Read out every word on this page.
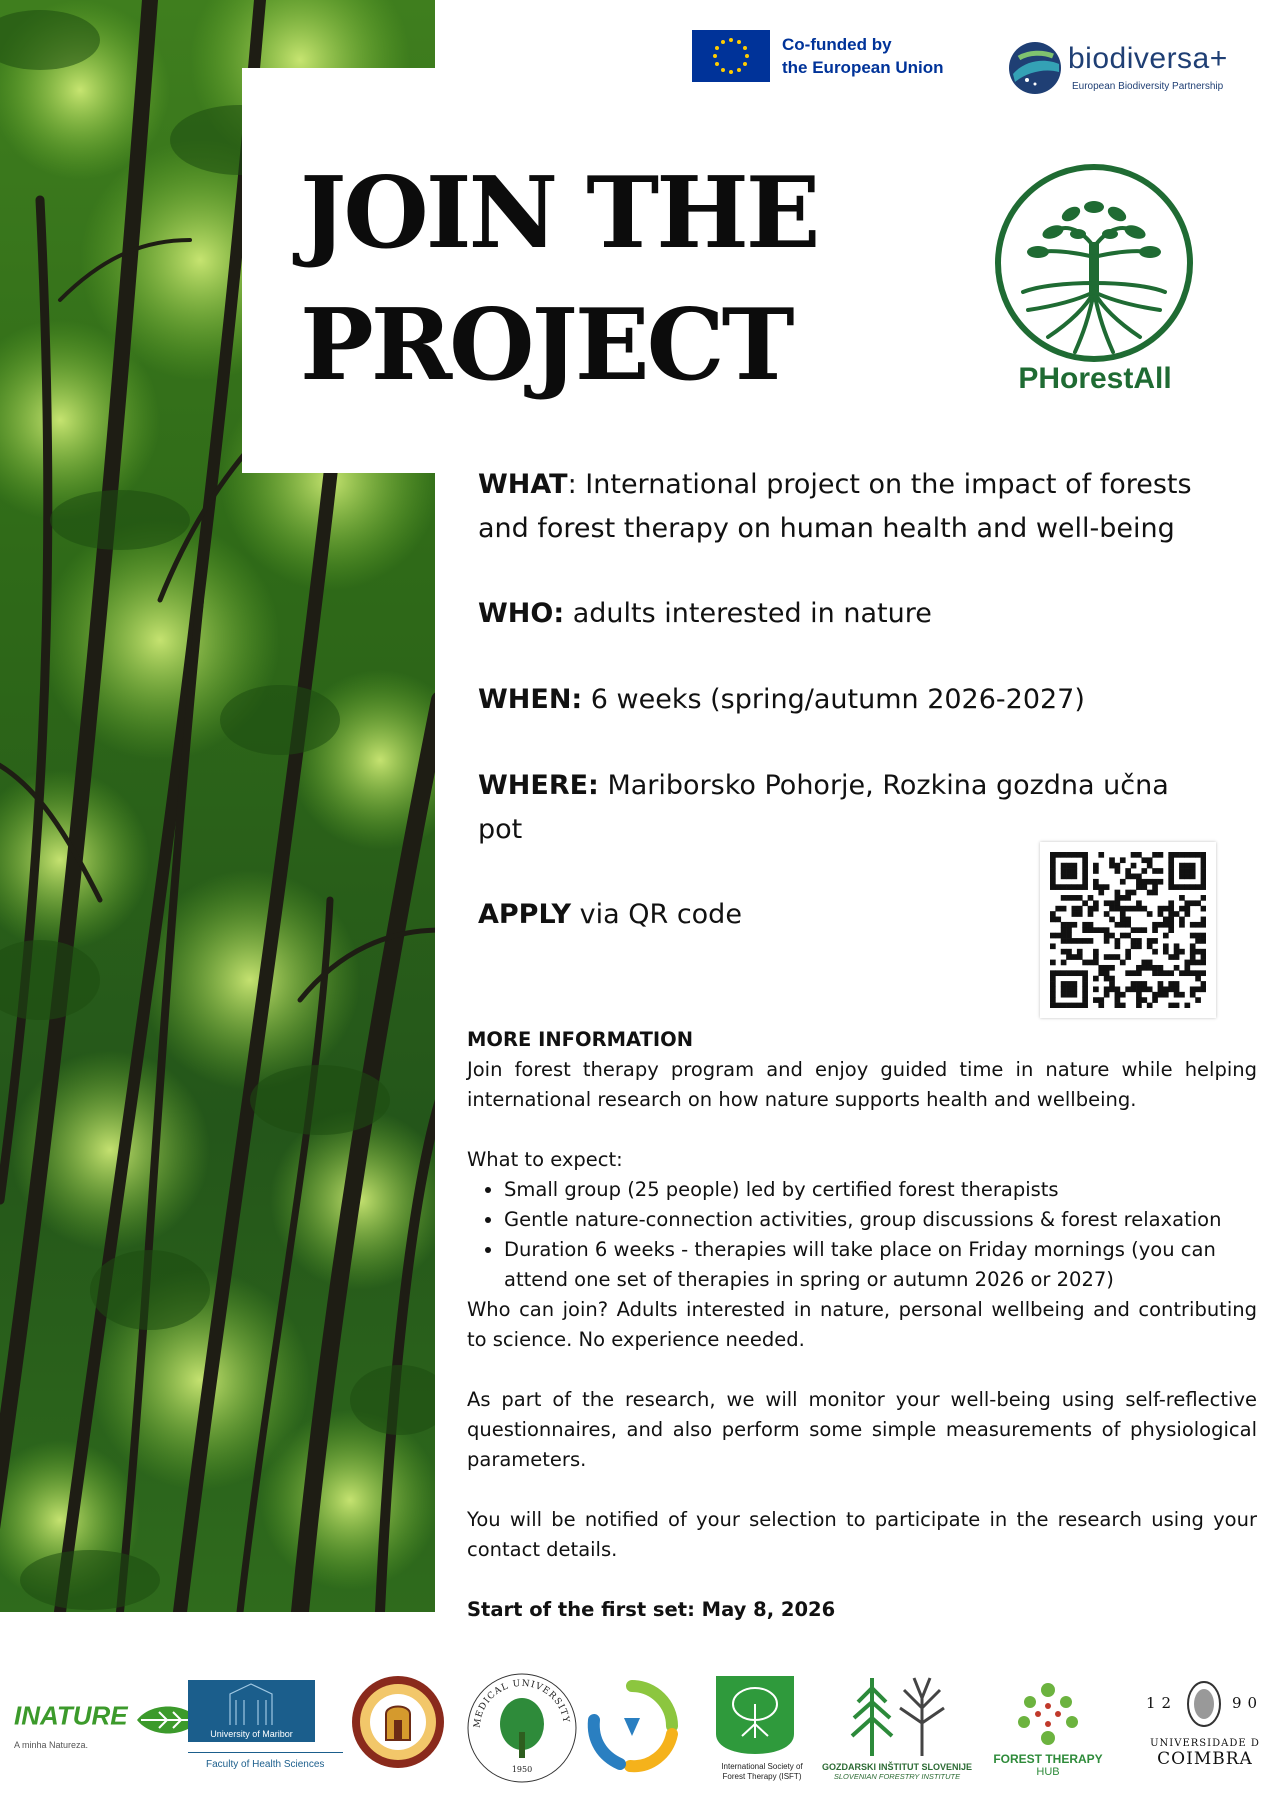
JOIN THE
PROJECT
Co-funded by
the European Union	biodiversa+
European Biodiversity Partnership
PHorestAll

WHAT: International project on the impact of forests and forest therapy on human health and well-being

WHO: adults interested in nature

WHEN: 6 weeks (spring/autumn 2026-2027)

WHERE: Mariborsko Pohorje, Rozkina gozdna učna pot

APPLY via QR code

MORE INFORMATION

Join forest therapy program and enjoy guided time in nature while helping international research on how nature supports health and wellbeing.

What to expect:

• Small group (25 people) led by certified forest therapists
• Gentle nature-connection activities, group discussions & forest relaxation
• Duration 6 weeks - therapies will take place on Friday mornings (you can attend one set of therapies in spring or autumn 2026 or 2027)

Who can join? Adults interested in nature, personal wellbeing and contributing to science. No experience needed.

As part of the research, we will monitor your well-being using self-reflective questionnaires, and also perform some simple measurements of physiological parameters.

You will be notified of your selection to participate in the research using your contact details.

Start of the first set: May 8, 2026

INATURE
A minha Natureza.
University of Maribor
Faculty of Health Sciences
MEDICAL UNIVERSITY
1950	International Society of Forest Therapy (ISFT)
GOZDARSKI INŠTITUT SLOVENIJE
SLOVENIAN FORESTRY INSTITUTE
FOREST THERAPY
HUB
12	90
UNIVERSIDADE D
COIMBRA
